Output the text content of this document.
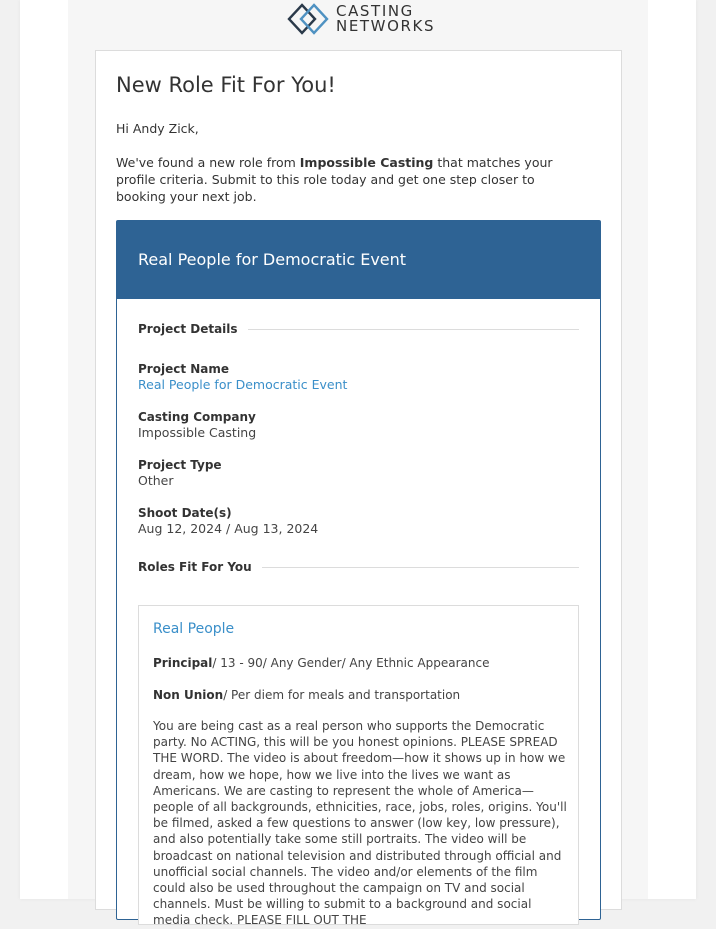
CASTING
NETWORKS
New Role Fit For You!
Hi Andy Zick,
We've found a new role from Impossible Casting that matches your profile criteria. Submit to this role today and get one step closer to booking your next job.
Real People for Democratic Event
Project Details
Project Name
Real People for Democratic Event
Casting Company
Impossible Casting
Project Type
Other
Shoot Date(s)
Aug 12, 2024 / Aug 13, 2024
Roles Fit For You
Real People
Principal/ 13 - 90/ Any Gender/ Any Ethnic Appearance
Non Union/ Per diem for meals and transportation
You are being cast as a real person who supports the Democratic party. No ACTING, this will be you honest opinions. PLEASE SPREAD THE WORD. The video is about freedom—how it shows up in how we dream, how we hope, how we live into the lives we want as Americans. We are casting to represent the whole of America—people of all backgrounds, ethnicities, race, jobs, roles, origins. You'll be filmed, asked a few questions to answer (low key, low pressure), and also potentially take some still portraits. The video will be broadcast on national television and distributed through official and unofficial social channels. The video and/or elements of the film could also be used throughout the campaign on TV and social channels. Must be willing to submit to a background and social media check. PLEASE FILL OUT THE
